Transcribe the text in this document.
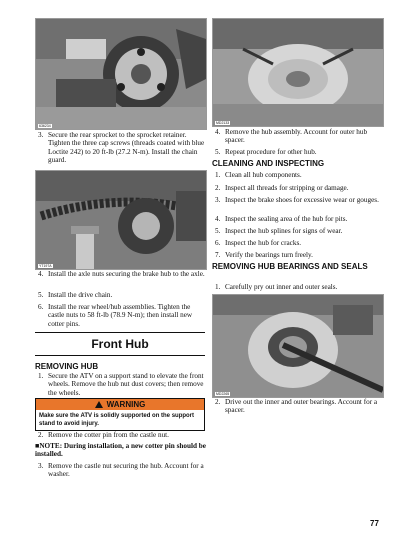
636234
3. Secure the rear sprocket to the sprocket retainer. Tighten the three cap screws (threads coated with blue Loctite 242) to 20 ft-lb (27.2 N-m). Install the chain guard.
YT197A
4. Install the axle nuts securing the brake hub to the axle.
5. Install the drive chain.
6. Install the rear wheel/hub assemblies. Tighten the castle nuts to 58 ft-lb (78.9 N-m); then install new cotter pins.
Front Hub
REMOVING HUB
1. Secure the ATV on a support stand to elevate the front wheels. Remove the hub nut dust covers; then remove the wheels.
WARNING
Make sure the ATV is solidly supported on the support stand to avoid injury.
2. Remove the cotter pin from the castle nut.
■NOTE: During installation, a new cotter pin should be installed.
3. Remove the castle nut securing the hub. Account for a washer.
MD2133
4. Remove the hub assembly. Account for outer hub spacer.
5. Repeat procedure for other hub.
CLEANING AND INSPECTING
1. Clean all hub components.
2. Inspect all threads for stripping or damage.
3. Inspect the brake shoes for excessive wear or gouges.
4. Inspect the sealing area of the hub for pits.
5. Inspect the hub splines for signs of wear.
6. Inspect the hub for cracks.
7. Verify the bearings turn freely.
REMOVING HUB BEARINGS AND SEALS
1. Carefully pry out inner and outer seals.
MD2265
2. Drive out the inner and outer bearings. Account for a spacer.
77
